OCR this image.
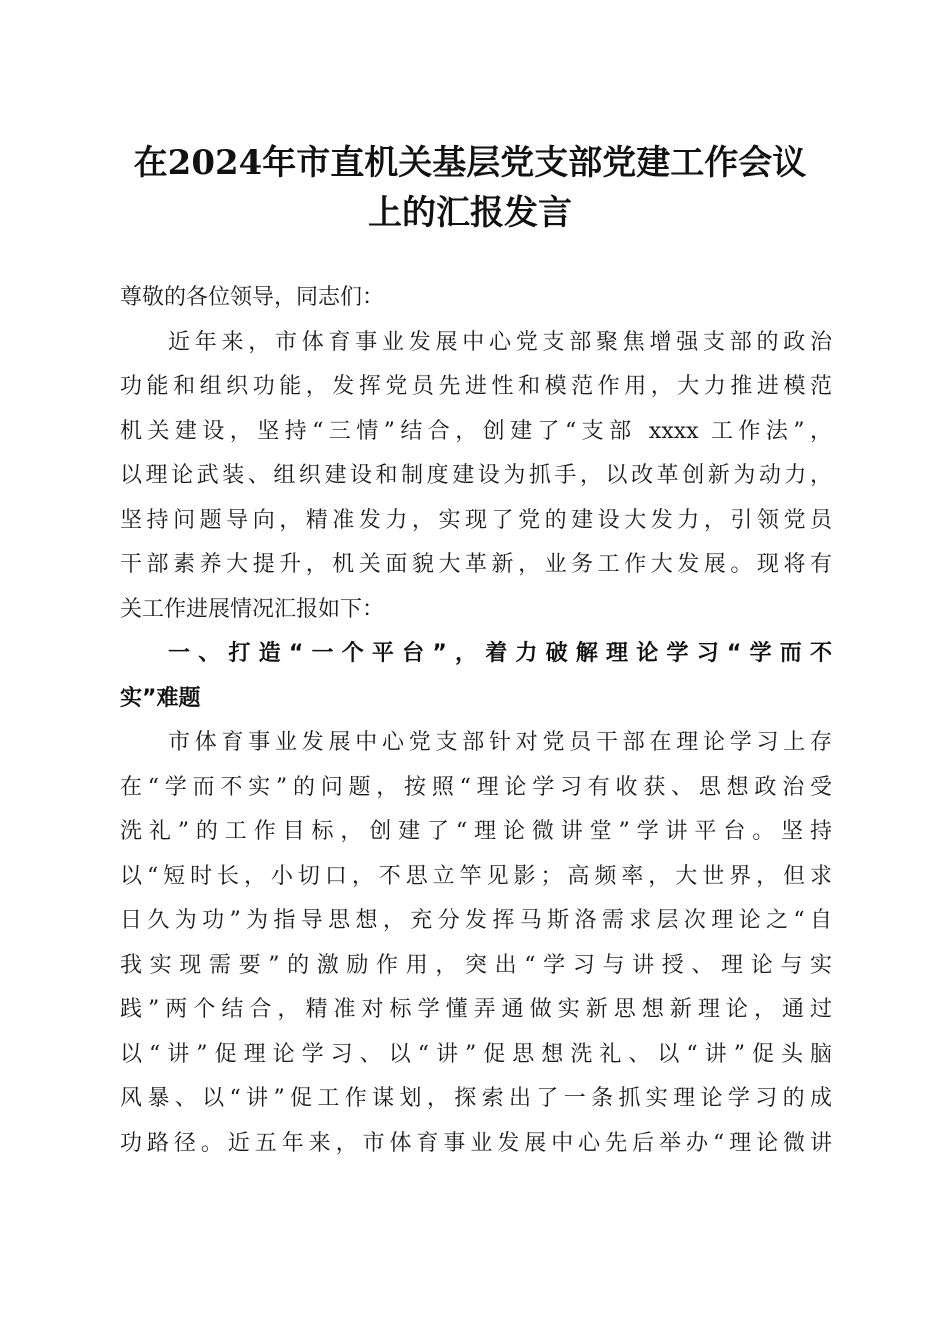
在2024年市直机关基层党支部党建工作会议
上的汇报发言
尊敬的各位领导，同志们：
近年来，市体育事业发展中心党支部聚焦增强支部的政治
功能和组织功能，发挥党员先进性和模范作用，大力推进模范
机关建设，坚持“三情”结合，创建了“支部 xxxx 工作法”，
以理论武装、组织建设和制度建设为抓手，以改革创新为动力，
坚持问题导向，精准发力，实现了党的建设大发力，引领党员
干部素养大提升，机关面貌大革新，业务工作大发展。现将有
关工作进展情况汇报如下：
一、打造“一个平台”，着力破解理论学习“学而不
实”难题
市体育事业发展中心党支部针对党员干部在理论学习上存
在“学而不实”的问题，按照“理论学习有收获、思想政治受
洗礼”的工作目标，创建了“理论微讲堂”学讲平台。坚持
以“短时长，小切口，不思立竿见影；高频率，大世界，但求
日久为功”为指导思想，充分发挥马斯洛需求层次理论之“自
我实现需要”的激励作用，突出“学习与讲授、理论与实
践”两个结合，精准对标学懂弄通做实新思想新理论，通过
以“讲”促理论学习、以“讲”促思想洗礼、以“讲”促头脑
风暴、以“讲”促工作谋划，探索出了一条抓实理论学习的成
功路径。近五年来，市体育事业发展中心先后举办“理论微讲
